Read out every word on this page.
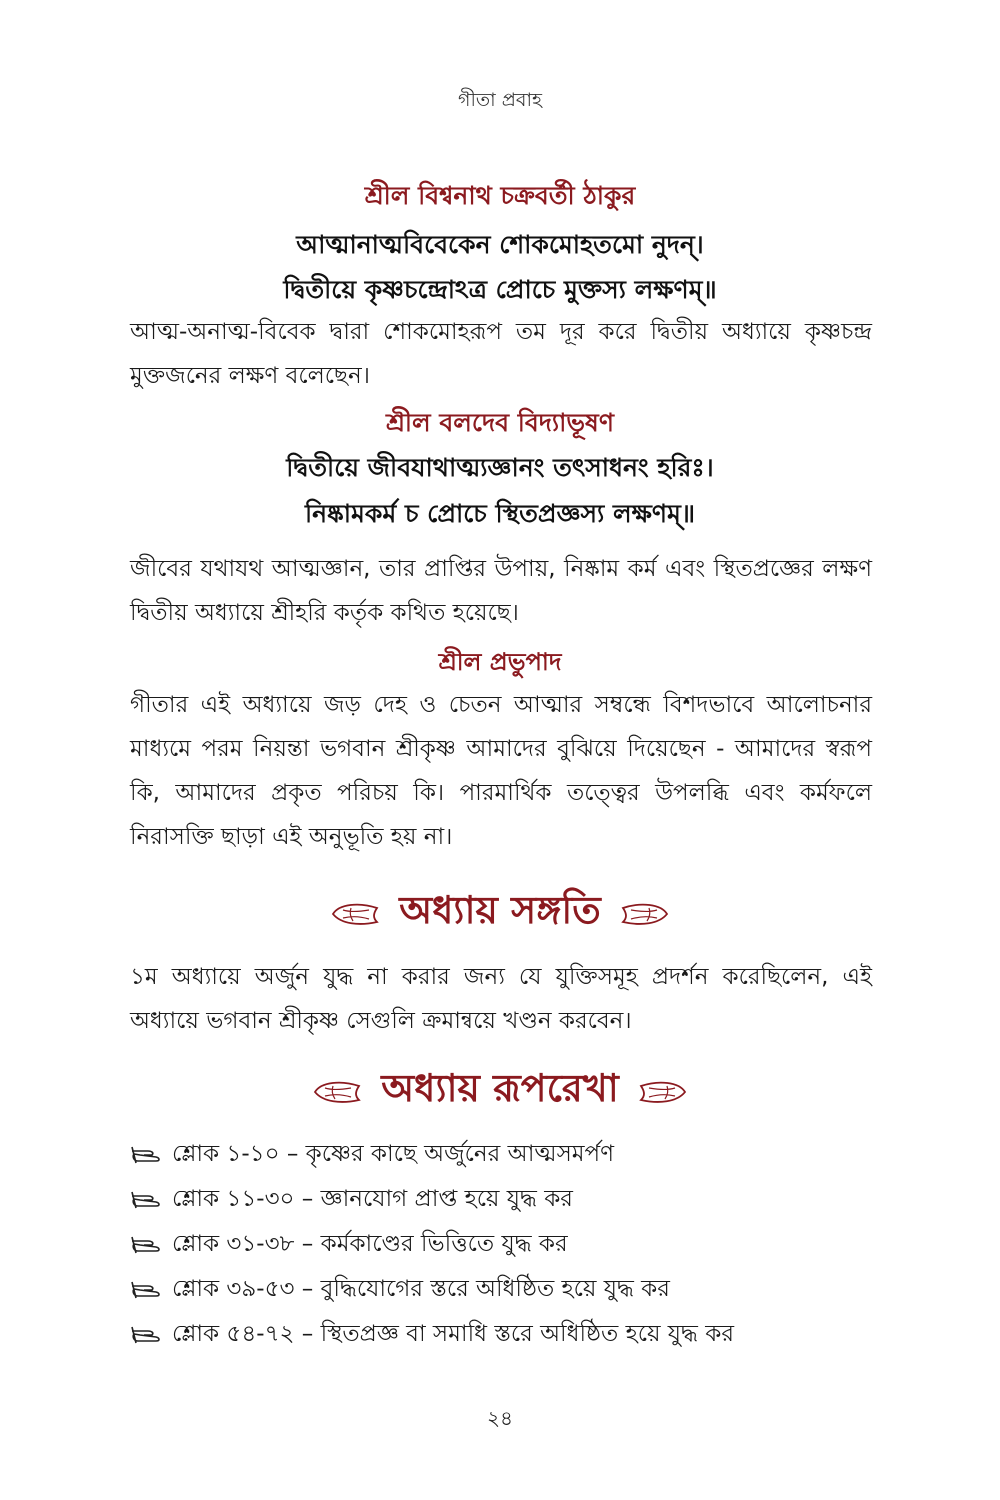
গীতা প্রবাহ
শ্রীল বিশ্বনাথ চক্রবর্তী ঠাকুর
আত্মানাত্মবিবেকেন শোকমোহতমো নুদন্।
দ্বিতীয়ে কৃষ্ণচন্দ্রোঽত্র প্রোচে মুক্তস্য লক্ষণম্॥
আত্ম-অনাত্ম-বিবেক দ্বারা শোকমোহরূপ তম দূর করে দ্বিতীয় অধ্যায়ে কৃষ্ণচন্দ্র মুক্তজনের লক্ষণ বলেছেন।
শ্রীল বলদেব বিদ্যাভূষণ
দ্বিতীয়ে জীবযাথাত্ম্যজ্ঞানং তৎসাধনং হরিঃ।
নিষ্কামকর্ম চ প্রোচে স্থিতপ্রজ্ঞস্য লক্ষণম্॥
জীবের যথাযথ আত্মজ্ঞান, তার প্রাপ্তির উপায়, নিষ্কাম কর্ম এবং স্থিতপ্রজ্ঞের লক্ষণ দ্বিতীয় অধ্যায়ে শ্রীহরি কর্তৃক কথিত হয়েছে।
শ্রীল প্রভুপাদ
গীতার এই অধ্যায়ে জড় দেহ ও চেতন আত্মার সম্বন্ধে বিশদভাবে আলোচনার মাধ্যমে পরম নিয়ন্তা ভগবান শ্রীকৃষ্ণ আমাদের বুঝিয়ে দিয়েছেন - আমাদের স্বরূপ কি, আমাদের প্রকৃত পরিচয় কি। পারমার্থিক তত্ত্বের উপলব্ধি এবং কর্মফলে নিরাসক্তি ছাড়া এই অনুভূতি হয় না।
অধ্যায় সঙ্গতি
১ম অধ্যায়ে অর্জুন যুদ্ধ না করার জন্য যে যুক্তিসমূহ প্রদর্শন করেছিলেন, এই অধ্যায়ে ভগবান শ্রীকৃষ্ণ সেগুলি ক্রমান্বয়ে খণ্ডন করবেন।
অধ্যায় রূপরেখা
শ্লোক ১-১০ – কৃষ্ণের কাছে অর্জুনের আত্মসমর্পণ
শ্লোক ১১-৩০ – জ্ঞানযোগ প্রাপ্ত হয়ে যুদ্ধ কর
শ্লোক ৩১-৩৮ – কর্মকাণ্ডের ভিত্তিতে যুদ্ধ কর
শ্লোক ৩৯-৫৩ – বুদ্ধিযোগের স্তরে অধিষ্ঠিত হয়ে যুদ্ধ কর
শ্লোক ৫৪-৭২ – স্থিতপ্রজ্ঞ বা সমাধি স্তরে অধিষ্ঠিত হয়ে যুদ্ধ কর
২৪
